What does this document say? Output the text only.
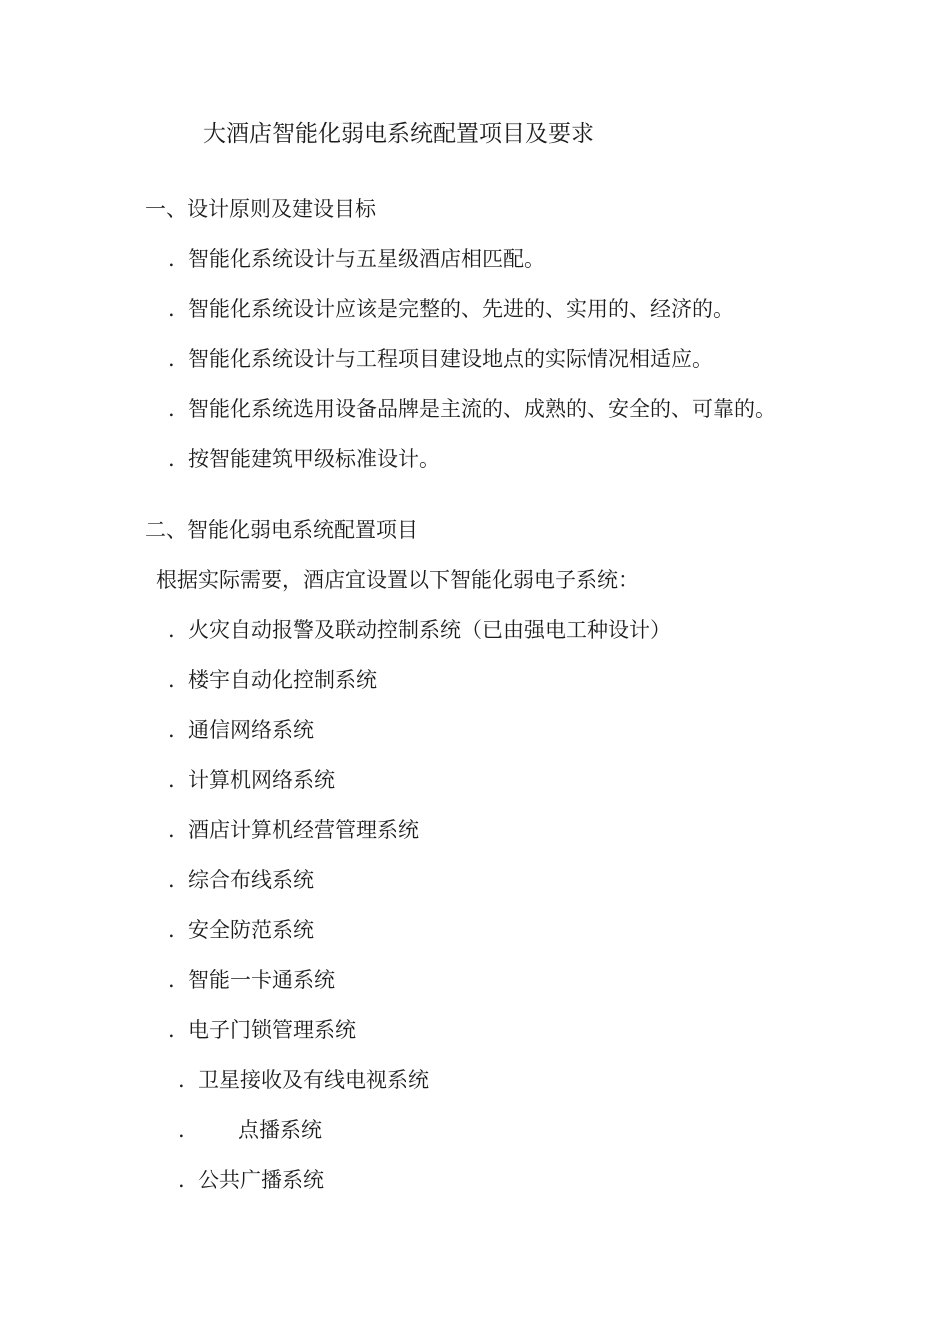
大酒店智能化弱电系统配置项目及要求
一、设计原则及建设目标
. 智能化系统设计与五星级酒店相匹配。
. 智能化系统设计应该是完整的、先进的、实用的、经济的。
. 智能化系统设计与工程项目建设地点的实际情况相适应。
. 智能化系统选用设备品牌是主流的、成熟的、安全的、可靠的。
. 按智能建筑甲级标准设计。
二、智能化弱电系统配置项目
根据实际需要，酒店宜设置以下智能化弱电子系统：
. 火灾自动报警及联动控制系统（已由强电工种设计）
. 楼宇自动化控制系统
. 通信网络系统
. 计算机网络系统
. 酒店计算机经营管理系统
. 综合布线系统
. 安全防范系统
. 智能一卡通系统
. 电子门锁管理系统
. 卫星接收及有线电视系统
.	点播系统
. 公共广播系统
